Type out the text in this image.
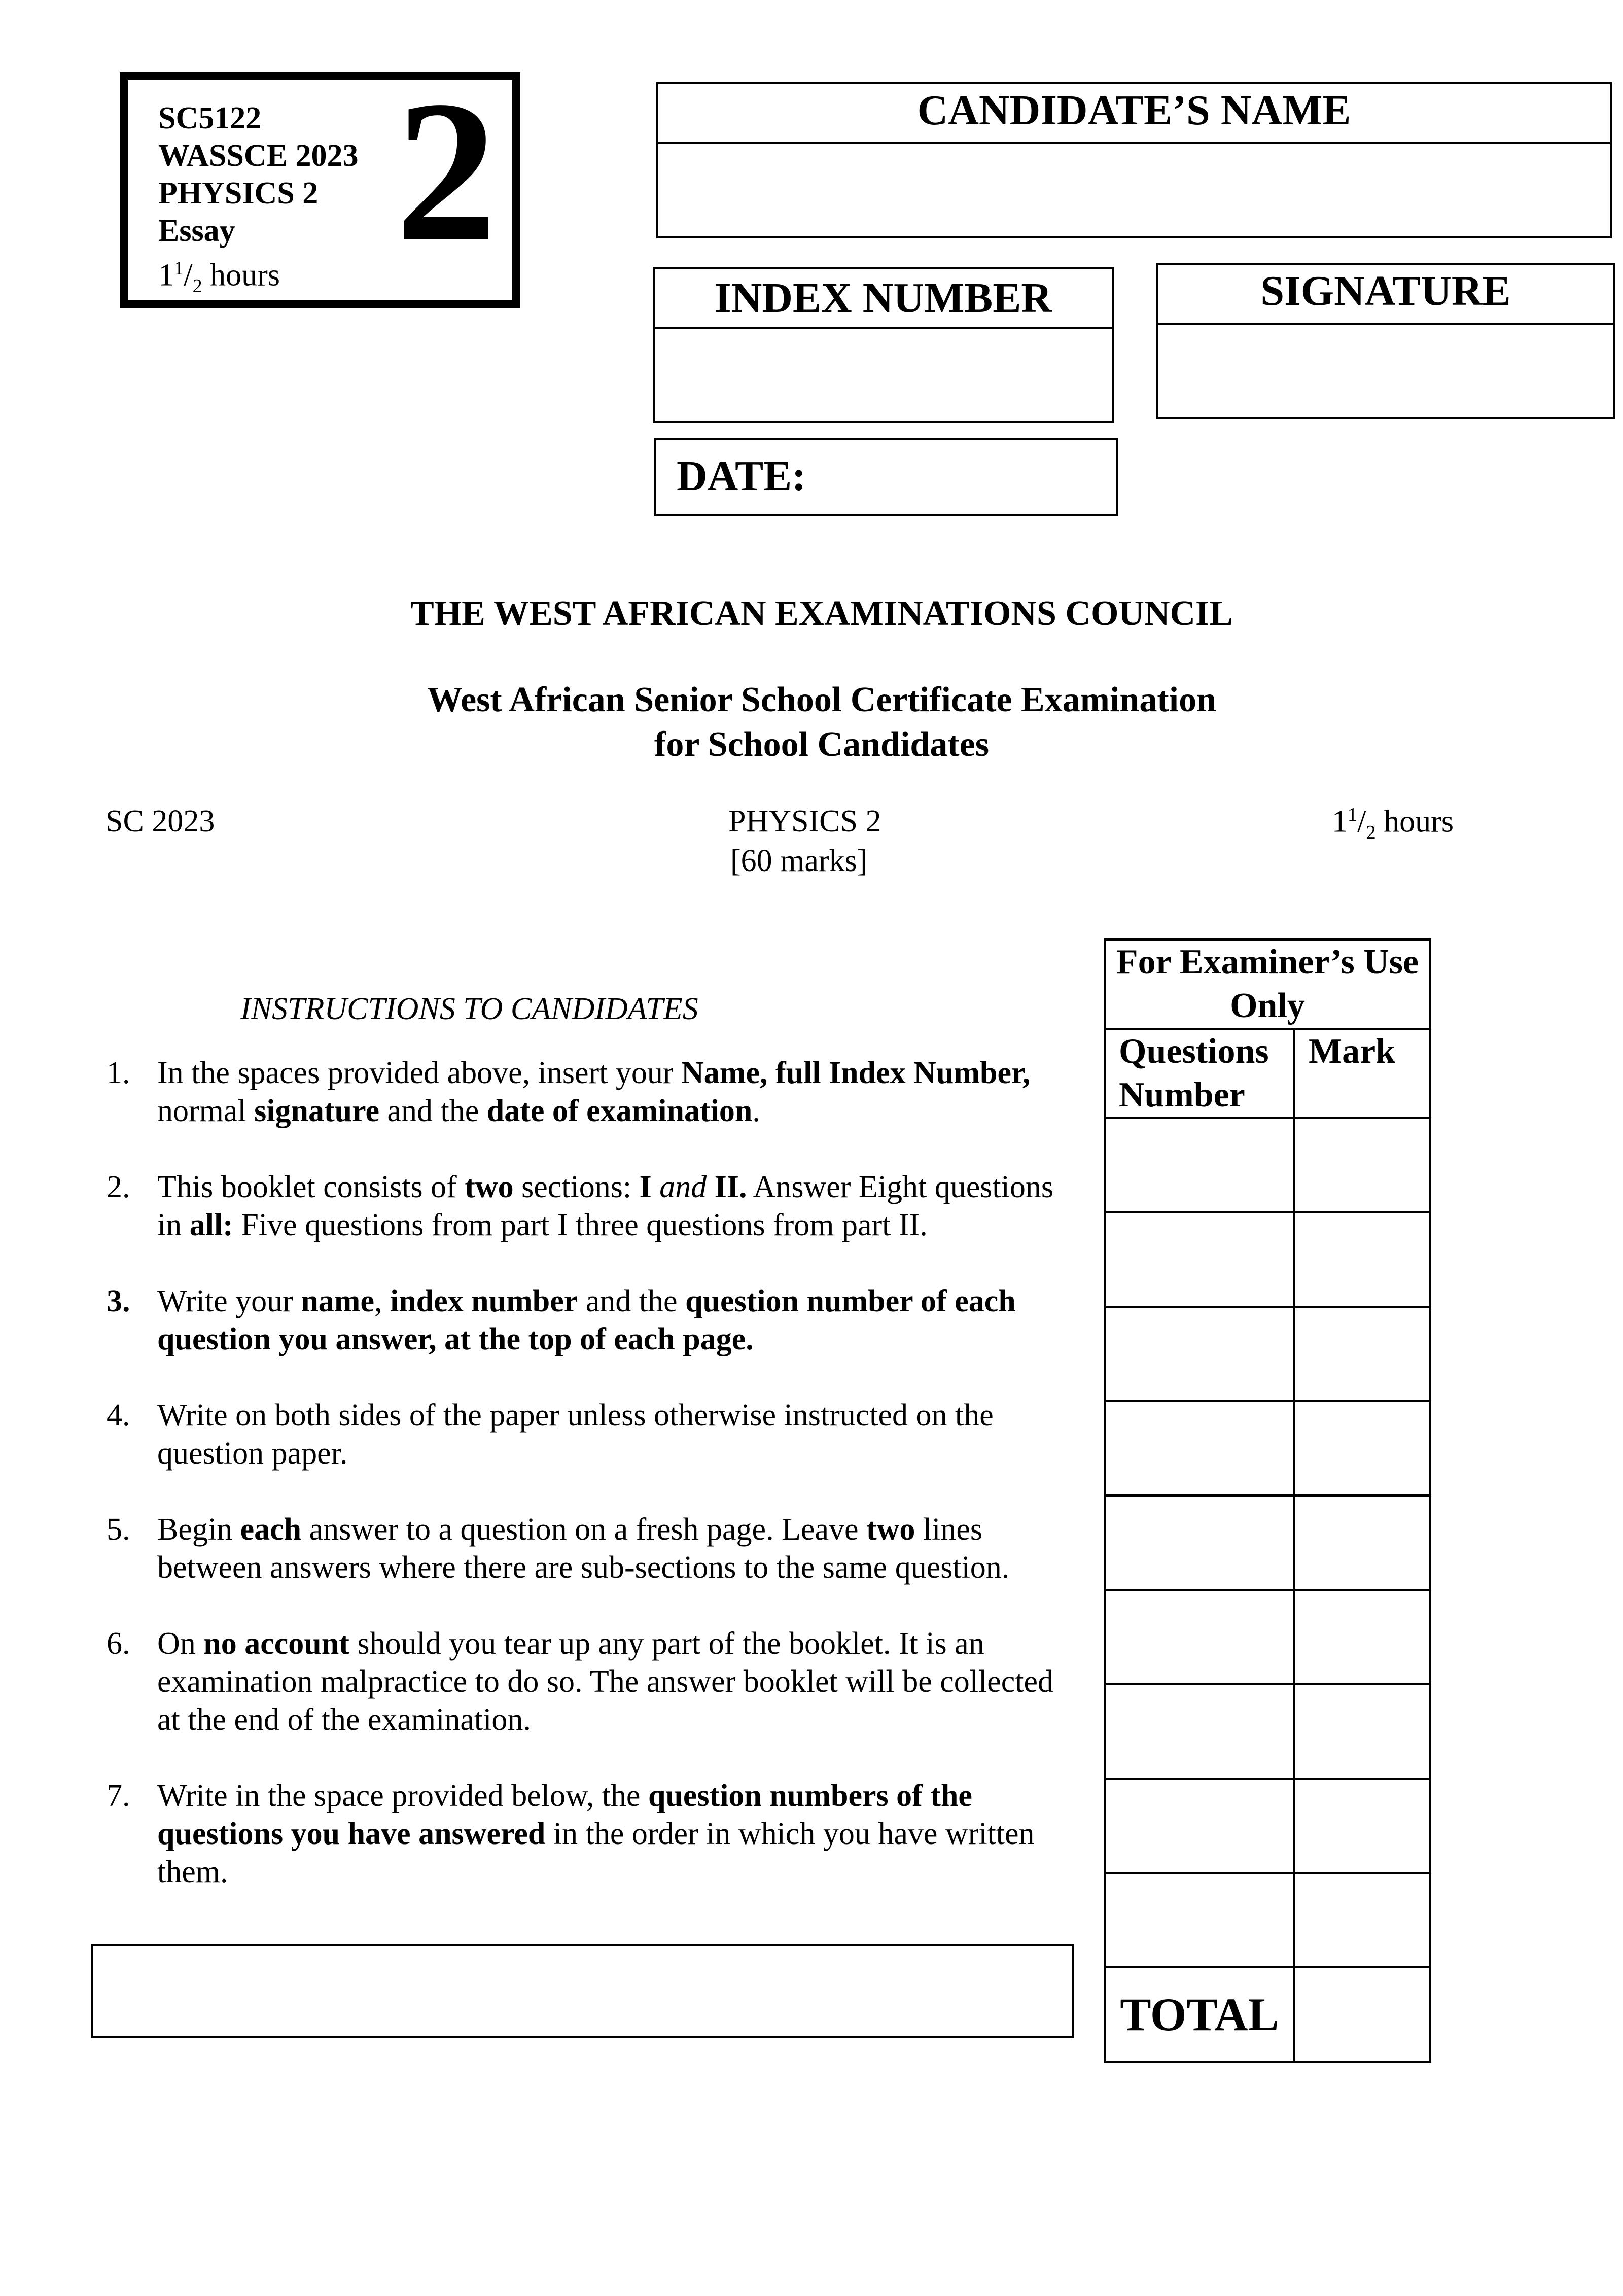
SC5122
WASSCE 2023
PHYSICS 2
Essay
$1^1/_2$ hours 2	CANDIDATE’S NAME
INDEX NUMBER	SIGNATURE
DATE:
THE WEST AFRICAN EXAMINATIONS COUNCIL
West African Senior School Certificate Examination
for School Candidates
SC 2023	PHYSICS 2
[60 marks]
$1^1/_2$ hours
INSTRUCTIONS TO CANDIDATES
1. In the spaces provided above, insert your Name, full Index Number, normal signature and the date of examination.
2. This booklet consists of two sections: I and II. Answer Eight questions in all: Five questions from part I three questions from part II.
3. Write your name, index number and the question number of each question you answer, at the top of each page.
4. Write on both sides of the paper unless otherwise instructed on the question paper.
5. Begin each answer to a question on a fresh page. Leave two lines between answers where there are sub-sections to the same question.
6. On no account should you tear up any part of the booklet. It is an examination malpractice to do so. The answer booklet will be collected at the end of the examination.
7. Write in the space provided below, the question numbers of the questions you have answered in the order in which you have written them.
For Examiner’s Use Only	
Questions Number	Mark

TOTAL	
